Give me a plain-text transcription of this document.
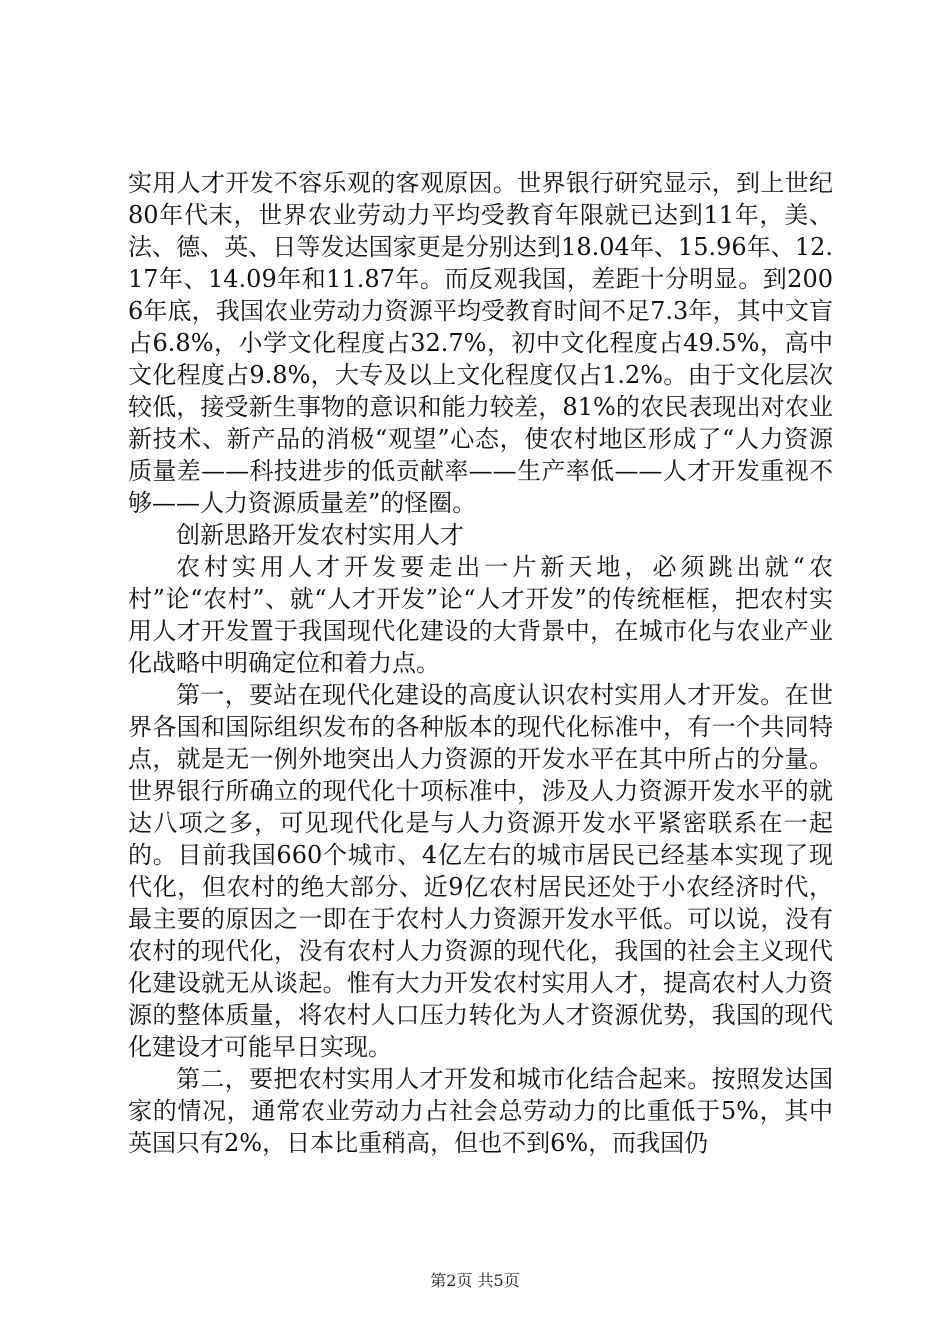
实用人才开发不容乐观的客观原因。世界银行研究显示，到上世纪80年代末，世界农业劳动力平均受教育年限就已达到11年，美、法、德、英、日等发达国家更是分别达到18.04年、15.96年、12.17年、14.09年和11.87年。而反观我国，差距十分明显。到2006年底，我国农业劳动力资源平均受教育时间不足7.3年，其中文盲占6.8%，小学文化程度占32.7%，初中文化程度占49.5%，高中文化程度占9.8%，大专及以上文化程度仅占1.2%。由于文化层次较低，接受新生事物的意识和能力较差，81%的农民表现出对农业新技术、新产品的消极“观望”心态，使农村地区形成了“人力资源质量差——科技进步的低贡献率——生产率低——人才开发重视不够——人力资源质量差”的怪圈。

创新思路开发农村实用人才

农村实用人才开发要走出一片新天地，必须跳出就“农村”论“农村”、就“人才开发”论“人才开发”的传统框框，把农村实用人才开发置于我国现代化建设的大背景中，在城市化与农业产业化战略中明确定位和着力点。

第一，要站在现代化建设的高度认识农村实用人才开发。在世界各国和国际组织发布的各种版本的现代化标准中，有一个共同特点，就是无一例外地突出人力资源的开发水平在其中所占的分量。世界银行所确立的现代化十项标准中，涉及人力资源开发水平的就达八项之多，可见现代化是与人力资源开发水平紧密联系在一起的。目前我国660个城市、4亿左右的城市居民已经基本实现了现代化，但农村的绝大部分、近9亿农村居民还处于小农经济时代，最主要的原因之一即在于农村人力资源开发水平低。可以说，没有农村的现代化，没有农村人力资源的现代化，我国的社会主义现代化建设就无从谈起。惟有大力开发农村实用人才，提高农村人力资源的整体质量，将农村人口压力转化为人才资源优势，我国的现代化建设才可能早日实现。

第二，要把农村实用人才开发和城市化结合起来。按照发达国家的情况，通常农业劳动力占社会总劳动力的比重低于5%，其中英国只有2%，日本比重稍高，但也不到6%，而我国仍

第2页 共5页
